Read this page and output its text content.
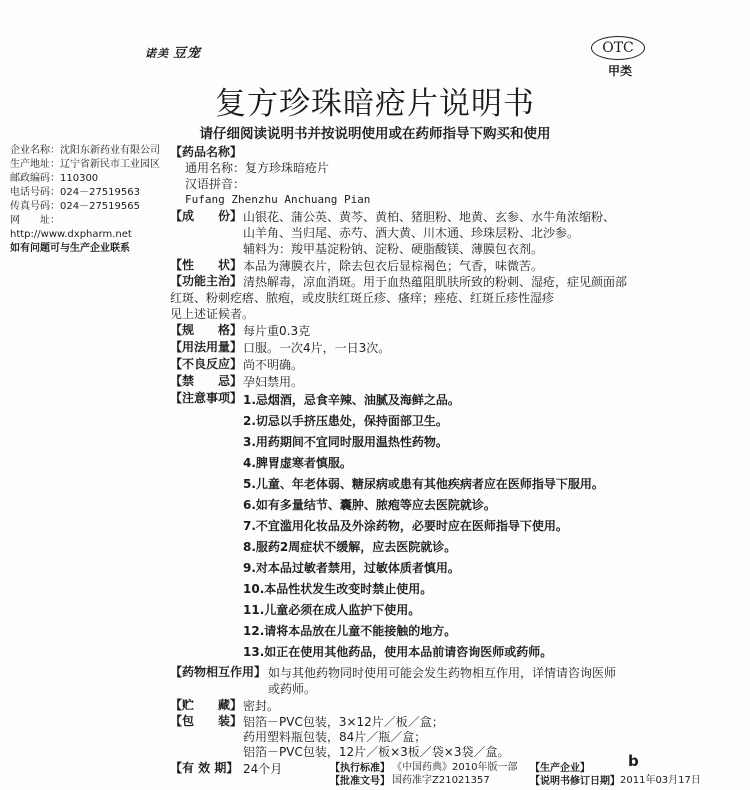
诺美 豆宠	OTC
甲类
复方珍珠暗疮片说明书
请仔细阅读说明书并按说明使用或在药师指导下购买和使用
【药品名称】
通用名称： 复方珍珠暗疮片
汉语拼音：
Fufang Zhenzhu Anchuang Pian
【成　　份】 山银花、蒲公英、黄芩、黄柏、猪胆粉、地黄、玄参、水牛角浓缩粉、
山羊角、当归尾、赤芍、酒大黄、川木通、珍珠层粉、北沙参。
辅料为：羧甲基淀粉钠、淀粉、硬脂酸镁、薄膜包衣剂。
【性　　状】 本品为薄膜衣片，除去包衣后显棕褐色；气香，味微苦。
【功能主治】 清热解毒，凉血消斑。用于血热蕴阻肌肤所致的粉刺、湿疮，症见颜面部
红斑、粉刺疙瘩、脓疱，或皮肤红斑丘疹、瘙痒；痤疮、红斑丘疹性湿疹
见上述证候者。
【规　　格】 每片重0.3克
【用法用量】 口服。一次4片，一日3次。
【不良反应】 尚不明确。
【禁　　忌】 孕妇禁用。
【注意事项】 1.忌烟酒，忌食辛辣、油腻及海鲜之品。
2.切忌以手挤压患处，保持面部卫生。
3.用药期间不宜同时服用温热性药物。
4.脾胃虚寒者慎服。
5.儿童、年老体弱、糖尿病或患有其他疾病者应在医师指导下服用。
6.如有多量结节、囊肿、脓疱等应去医院就诊。
7.不宜滥用化妆品及外涂药物，必要时应在医师指导下使用。
8.服药2周症状不缓解，应去医院就诊。
9.对本品过敏者禁用，过敏体质者慎用。
10.本品性状发生改变时禁止使用。
11.儿童必须在成人监护下使用。
12.请将本品放在儿童不能接触的地方。
13.如正在使用其他药品，使用本品前请咨询医师或药师。
【药物相互作用】 如与其他药物同时使用可能会发生药物相互作用，详情请咨询医师
或药师。
【贮　　藏】 密封。
【包　　装】 铝箔－PVC包装，3×12片／板／盒；
药用塑料瓶包装，84片／瓶／盒；
铝箔－PVC包装，12片／板×3板／袋×3袋／盒。
【有 效 期】 24个月	【执行标准】 《中国药典》2010年版一部
【批准文号】 国药准字Z21021357	【说明书修订日期】 2011年03月17日
【生产企业】
企业名称：沈阳东新药业有限公司
生产地址：辽宁省新民市工业园区
邮政编码：110300
电话号码：024－27519563
传真号码：024－27519565
网　　址：http://www.dxpharm.net
如有问题可与生产企业联系
b
